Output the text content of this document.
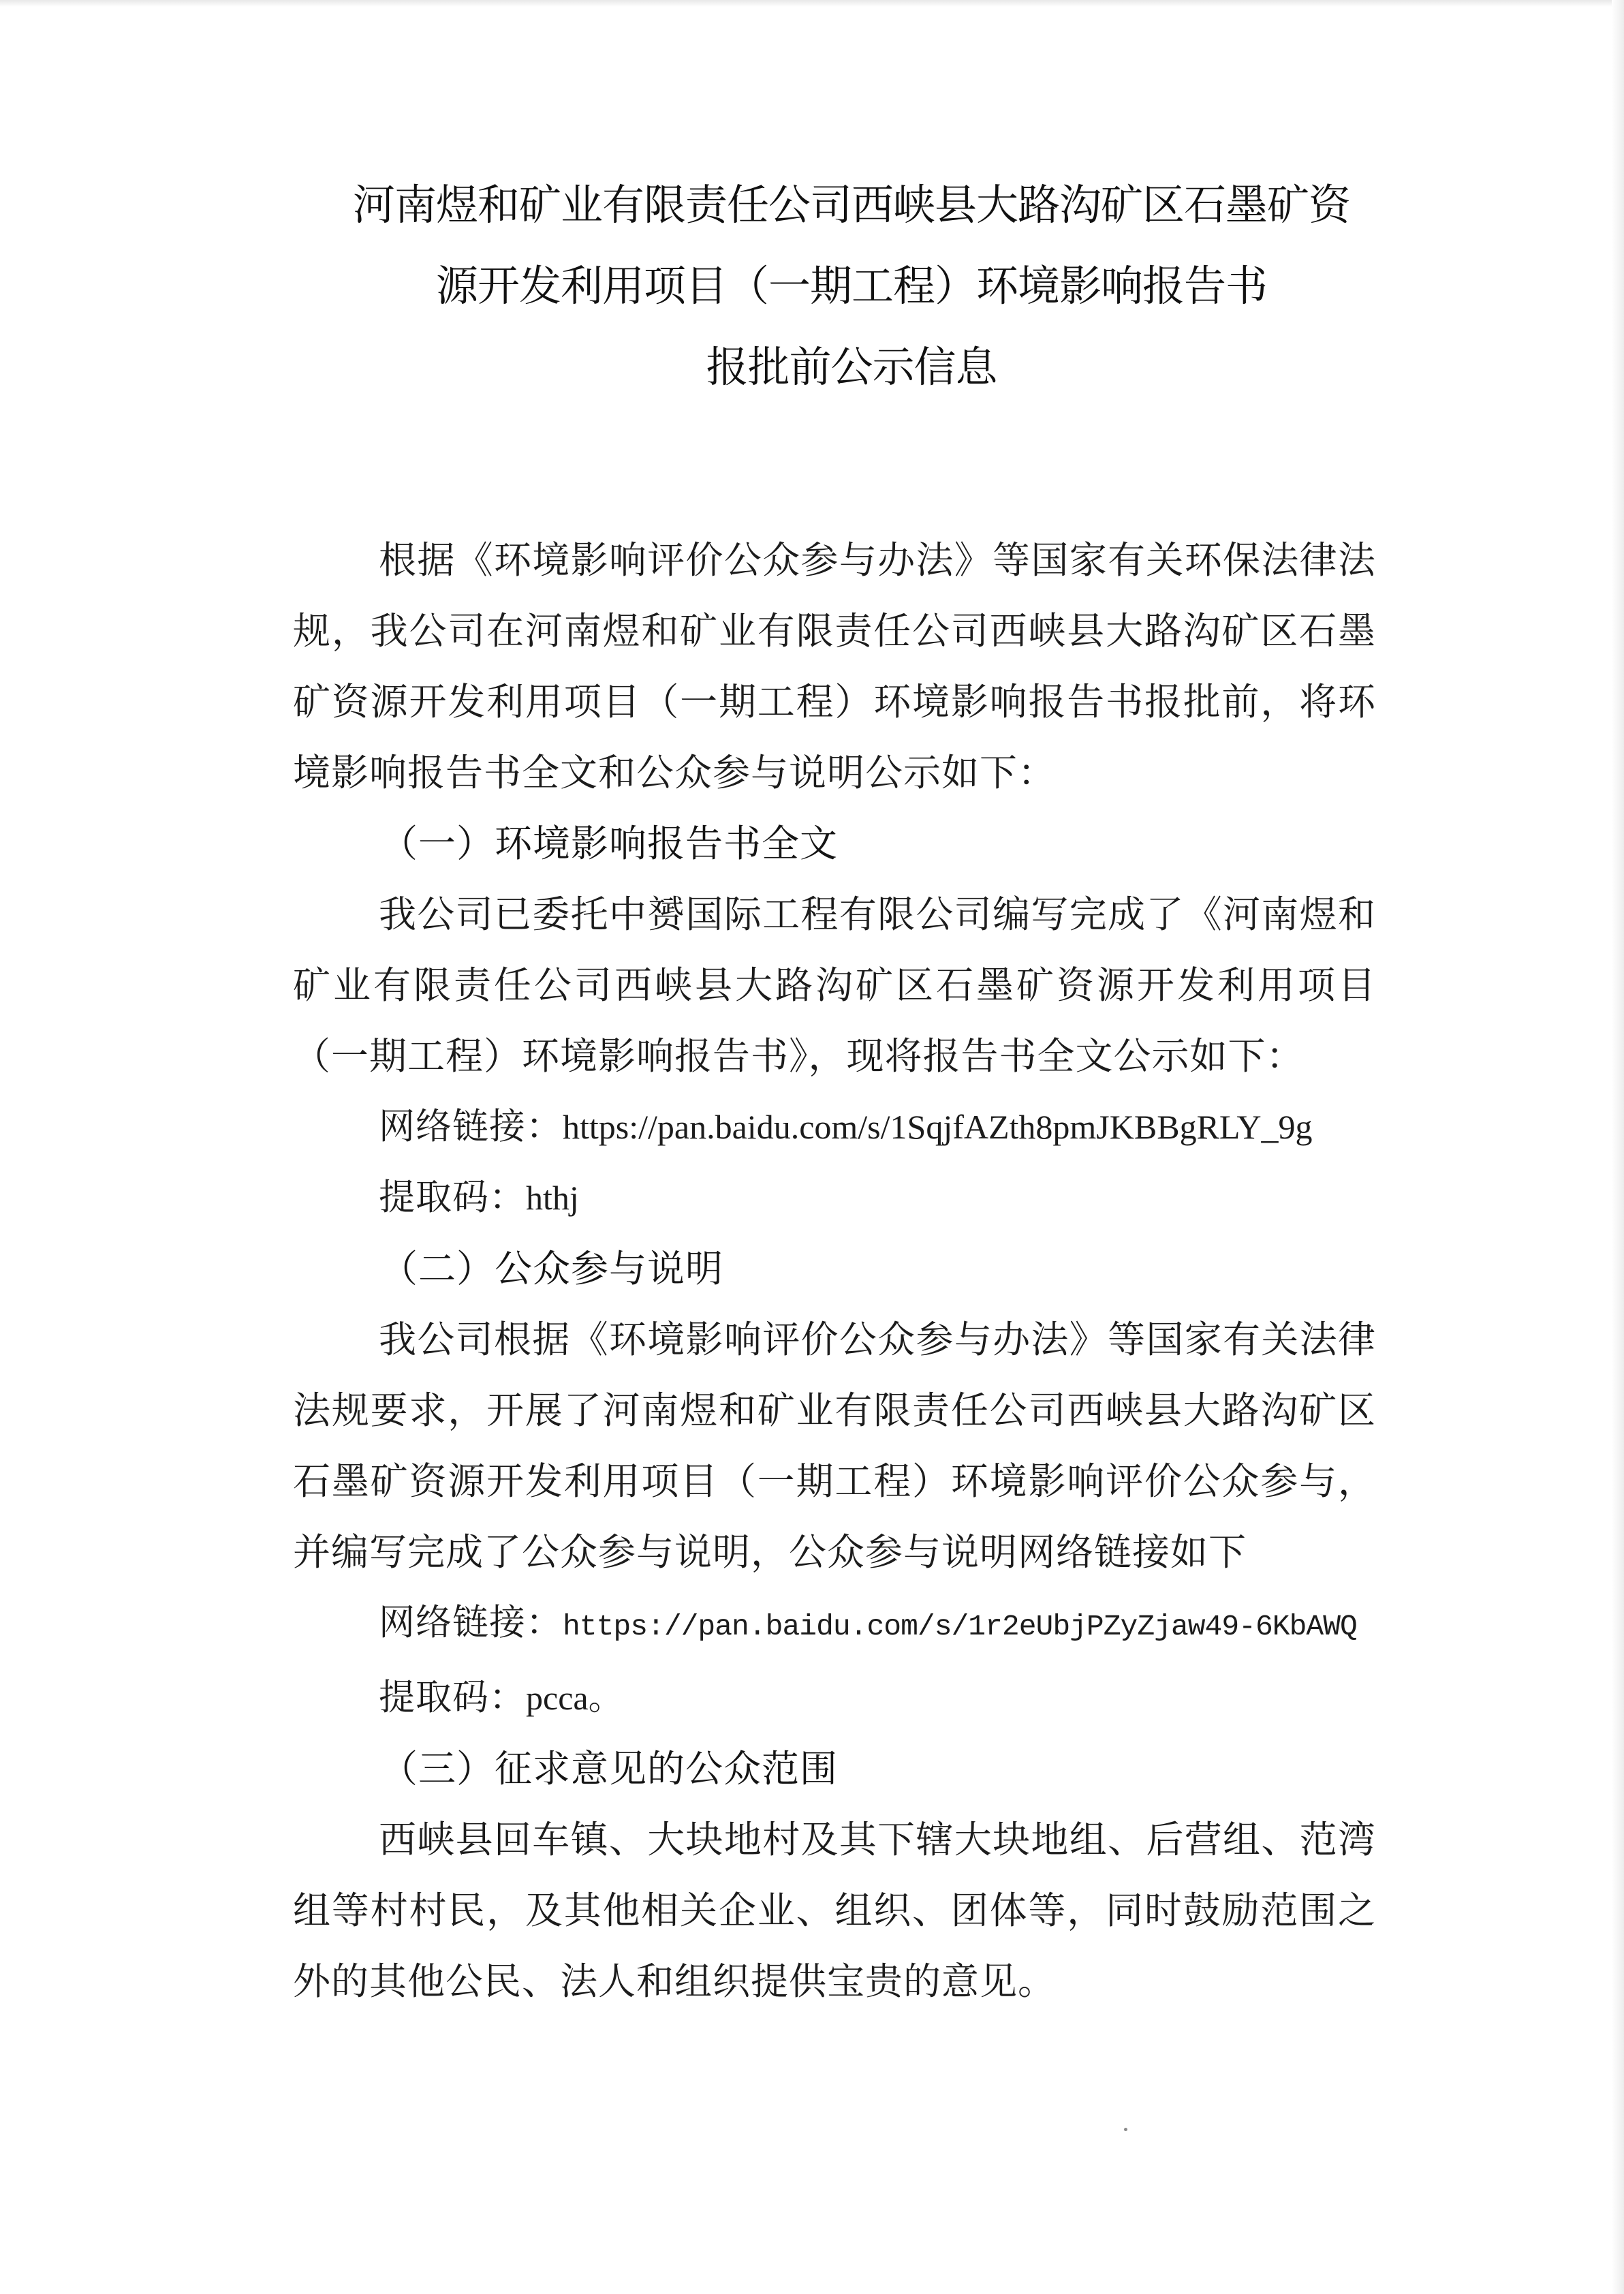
河南煜和矿业有限责任公司西峡县大路沟矿区石墨矿资

源开发利用项目（一期工程）环境影响报告书

报批前公示信息

根据《环境影响评价公众参与办法》等国家有关环保法律法规，我公司在河南煜和矿业有限责任公司西峡县大路沟矿区石墨矿资源开发利用项目（一期工程）环境影响报告书报批前，将环境影响报告书全文和公众参与说明公示如下：

（一）环境影响报告书全文

我公司已委托中赟国际工程有限公司编写完成了《河南煜和矿业有限责任公司西峡县大路沟矿区石墨矿资源开发利用项目（一期工程）环境影响报告书》，现将报告书全文公示如下：

网络链接：https://pan.baidu.com/s/1SqjfAZth8pmJKBBgRLY_9g

提取码：hthj

（二）公众参与说明

我公司根据《环境影响评价公众参与办法》等国家有关法律法规要求，开展了河南煜和矿业有限责任公司西峡县大路沟矿区石墨矿资源开发利用项目（一期工程）环境影响评价公众参与，并编写完成了公众参与说明，公众参与说明网络链接如下

网络链接：https://pan.baidu.com/s/1r2eUbjPZyZjaw49-6KbAWQ

提取码：pcca。

（三）征求意见的公众范围

西峡县回车镇、大块地村及其下辖大块地组、后营组、范湾组等村村民，及其他相关企业、组织、团体等，同时鼓励范围之外的其他公民、法人和组织提供宝贵的意见。
